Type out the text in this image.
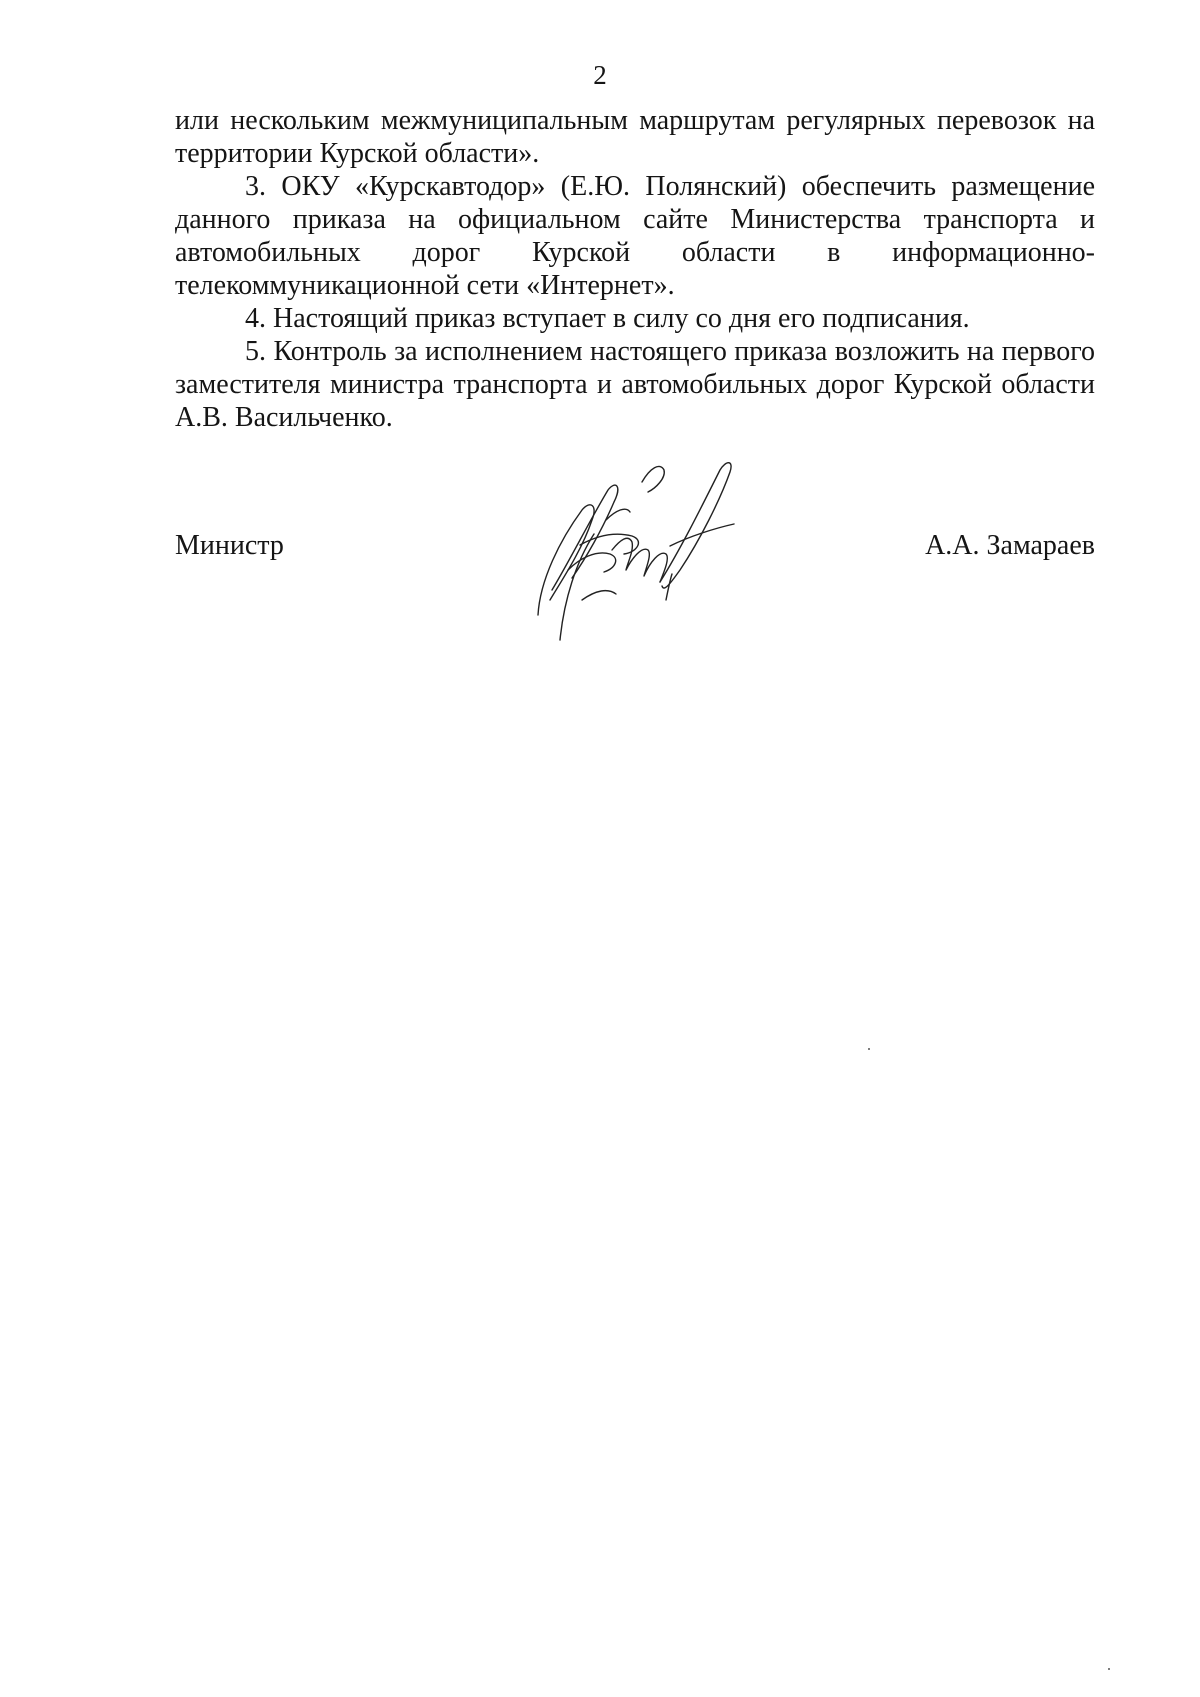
2

или нескольким межмуниципальным маршрутам регулярных перевозок на территории Курской области».

3. ОКУ «Курскавтодор» (Е.Ю. Полянский) обеспечить размещение данного приказа на официальном сайте Министерства транспорта и автомобильных дорог Курской области в информационно-телекоммуникационной сети «Интернет».

4. Настоящий приказ вступает в силу со дня его подписания.

5. Контроль за исполнением настоящего приказа возложить на первого заместителя министра транспорта и автомобильных дорог Курской области А.В. Васильченко.

Министр	А.А. Замараев
